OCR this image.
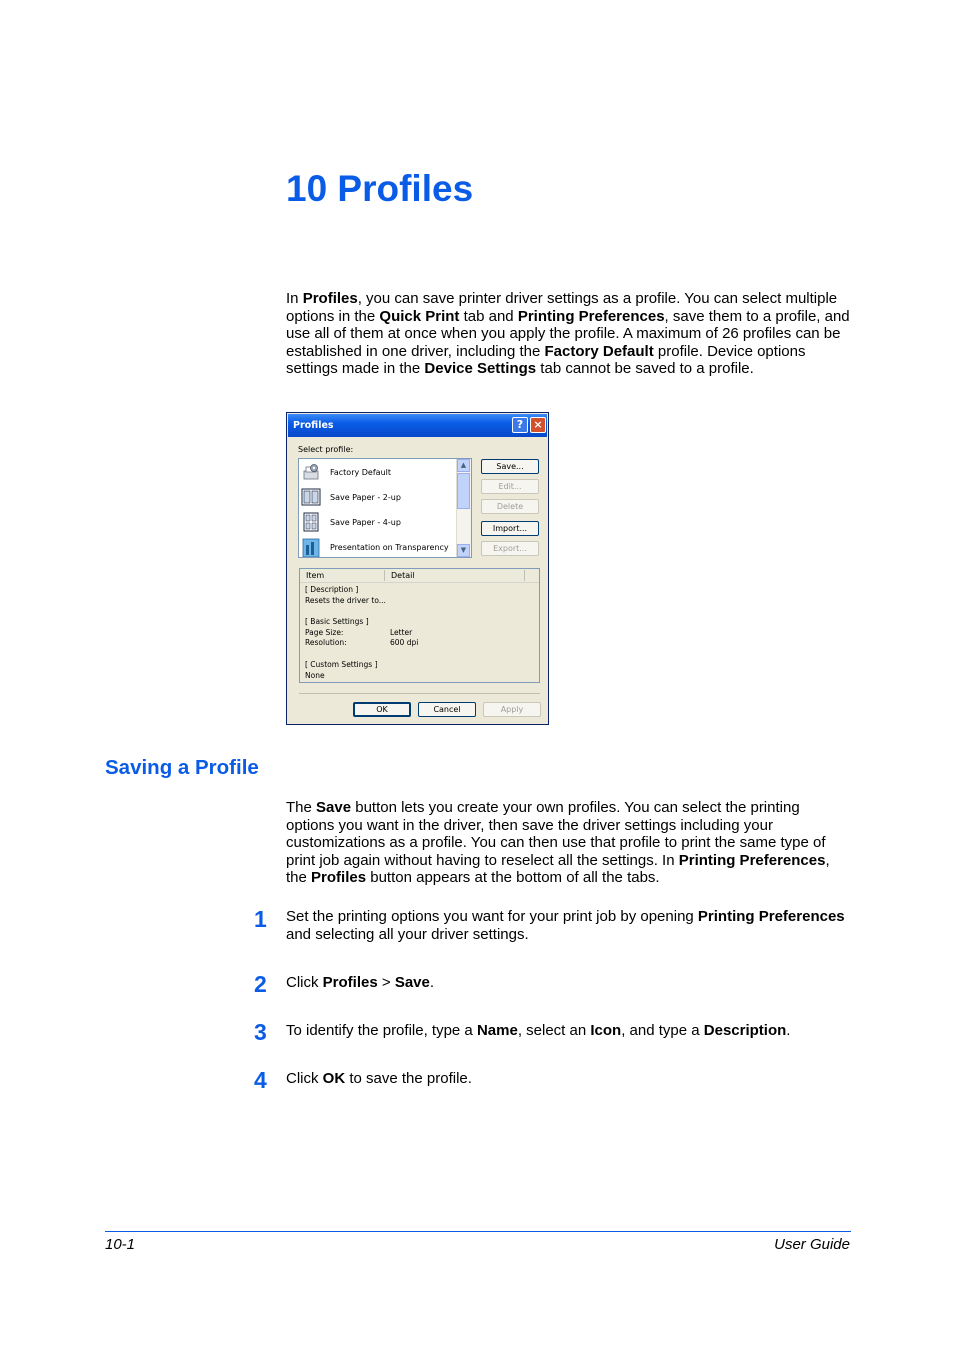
10 Profiles

In Profiles, you can save printer driver settings as a profile. You can select multiple options in the Quick Print tab and Printing Preferences, save them to a profile, and use all of them at once when you apply the profile. A maximum of 26 profiles can be established in one driver, including the Factory Default profile. Device options settings made in the Device Settings tab cannot be saved to a profile.

Profiles	? ×
Select profile:
Factory Default
Save Paper - 2-up
Save Paper - 4-up
Presentation on Transparency
▲
▼
Save...
Edit...
Delete
Import...
Export...
Item	Detail
[ Description ]
Resets the driver to...
[ Basic Settings ]
Page Size:	Letter
Resolution:	600 dpi
[ Custom Settings ]
None
OK	Cancel	Apply
Saving a Profile

The Save button lets you create your own profiles. You can select the printing options you want in the driver, then save the driver settings including your customizations as a profile. You can then use that profile to print the same type of print job again without having to reselect all the settings. In Printing Preferences, the Profiles button appears at the bottom of all the tabs.

1 Set the printing options you want for your print job by opening Printing Preferences and selecting all your driver settings.
2 Click Profiles > Save.
3 To identify the profile, type a Name, select an Icon, and type a Description.
4 Click OK to save the profile.
10-1	User Guide
